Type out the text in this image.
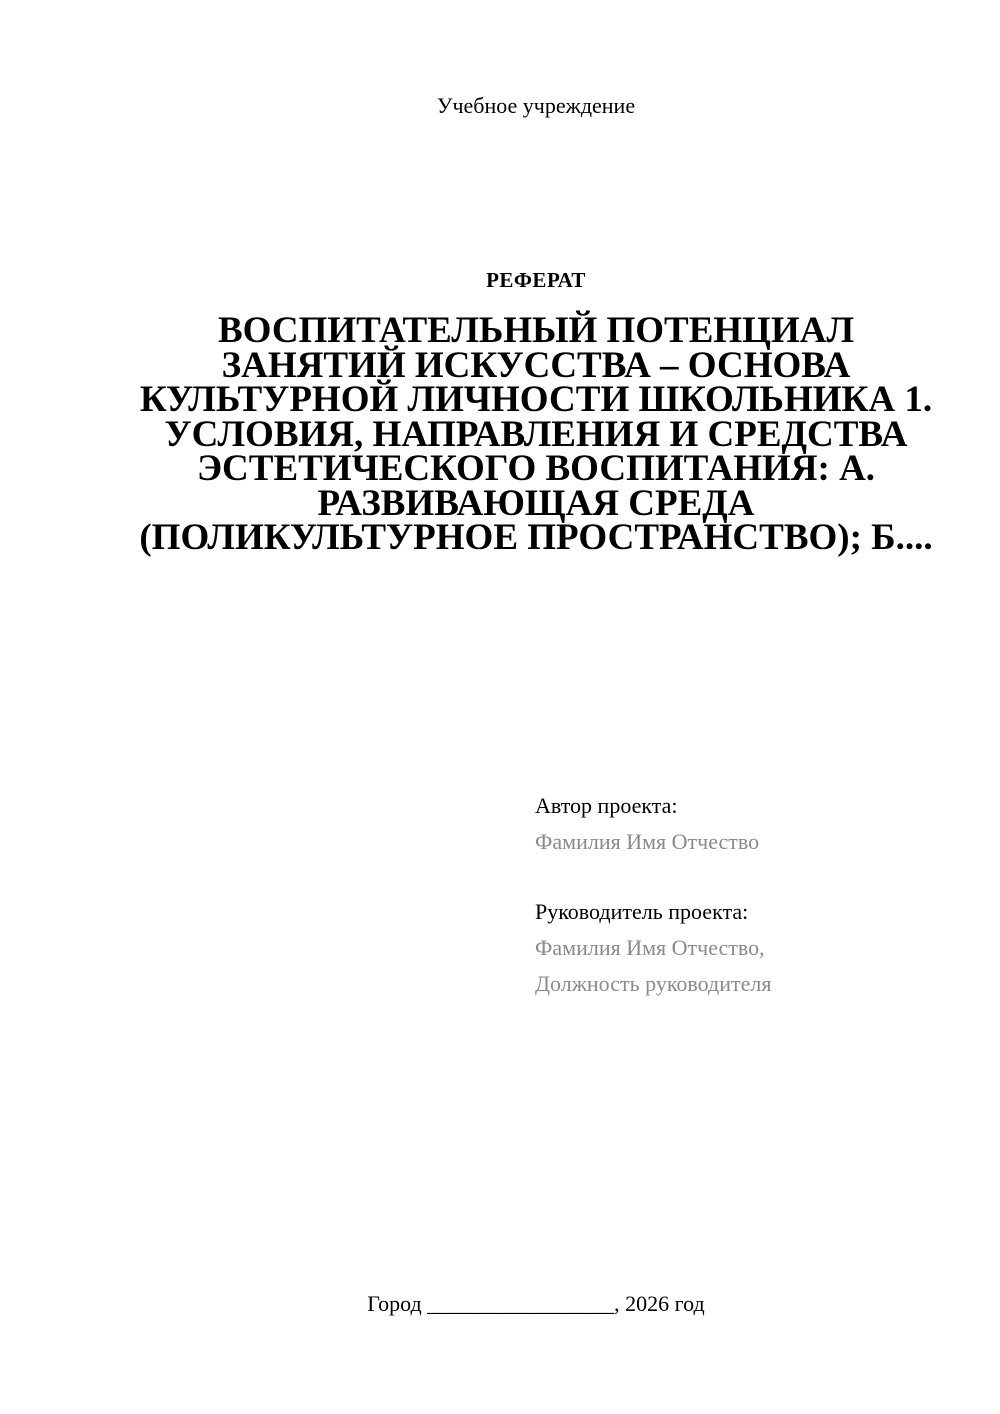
Учебное учреждение
РЕФЕРАТ
ВОСПИТАТЕЛЬНЫЙ ПОТЕНЦИАЛ ЗАНЯТИЙ ИСКУССТВА – ОСНОВА КУЛЬТУРНОЙ ЛИЧНОСТИ ШКОЛЬНИКА 1. УСЛОВИЯ, НАПРАВЛЕНИЯ И СРЕДСТВА ЭСТЕТИЧЕСКОГО ВОСПИТАНИЯ: А. РАЗВИВАЮЩАЯ СРЕДА (ПОЛИКУЛЬТУРНОЕ ПРОСТРАНСТВО); Б....
Автор проекта:
Фамилия Имя Отчество
Руководитель проекта:
Фамилия Имя Отчество,
Должность руководителя
Город _________________, 2026 год
